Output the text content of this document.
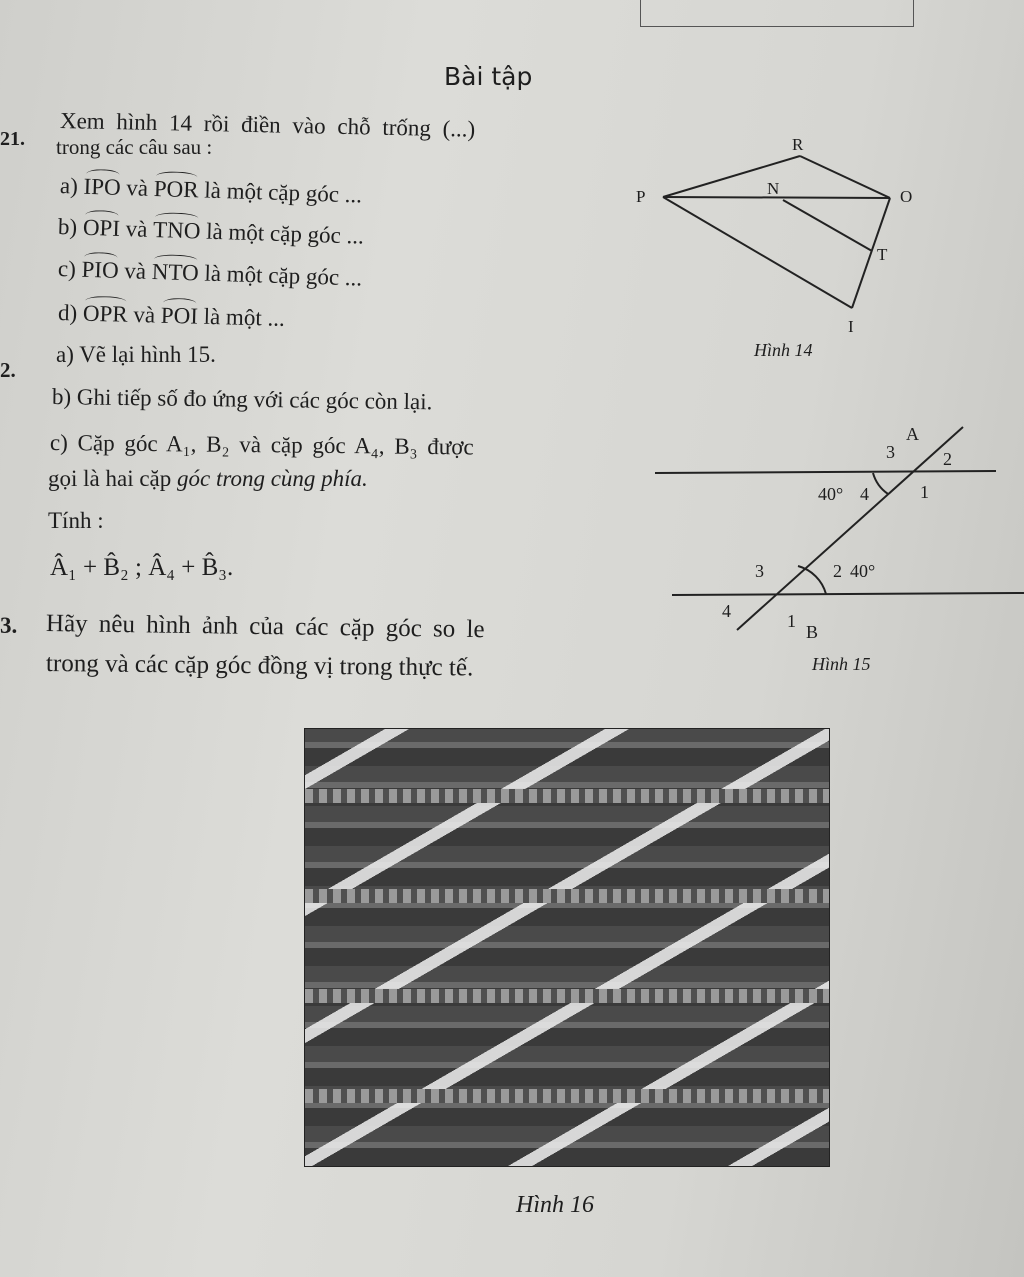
Bài tập
21. Xem hình 14 rồi điền vào chỗ trống (...)
trong các câu sau :
a) IPO và POR là một cặp góc ...
b) OPI và TNO là một cặp góc ...
c) PIO và NTO là một cặp góc ...
d) OPR và POI là một ...
2.
a) Vẽ lại hình 15.
b) Ghi tiếp số đo ứng với các góc còn lại.
c) Cặp góc A₁, B₂ và cặp góc A₄, B₃ được
gọi là hai cặp góc trong cùng phía.
Tính :
Â₁ + B̂₂ ; Â₄ + B̂₃.
3. Hãy nêu hình ảnh của các cặp góc so le
trong và các cặp góc đồng vị trong thực tế.
P
R
O
N
T
I
Hình 14
A
3	2
40° 4	1
3	2 40°
4	1
B
Hình 15
Hình 16
